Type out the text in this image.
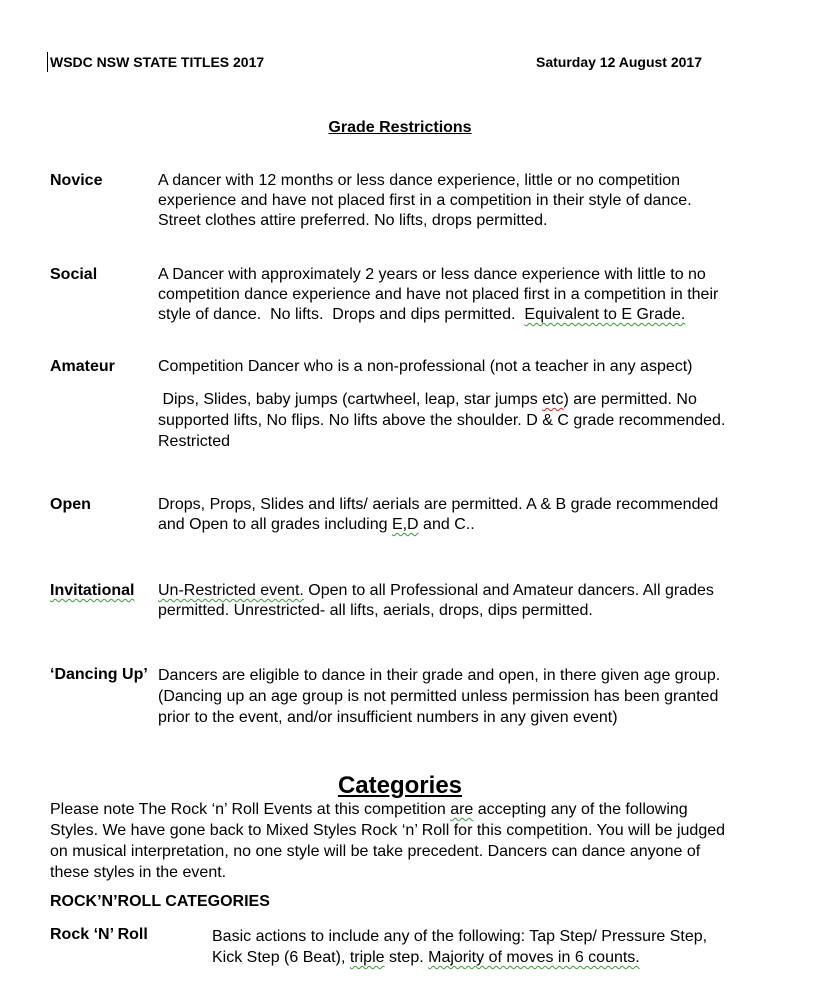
WSDC NSW STATE TITLES 2017	Saturday 12 August 2017
Grade Restrictions
Novice	A dancer with 12 months or less dance experience, little or no competition
experience and have not placed first in a competition in their style of dance.
Street clothes attire preferred. No lifts, drops permitted.
Social	A Dancer with approximately 2 years or less dance experience with little to no
competition dance experience and have not placed first in a competition in their
style of dance.  No lifts.  Drops and dips permitted.  Equivalent to E Grade.
Amateur	Competition Dancer who is a non-professional (not a teacher in any aspect)
Dips, Slides, baby jumps (cartwheel, leap, star jumps etc) are permitted. No
supported lifts, No flips. No lifts above the shoulder. D & C grade recommended.
Restricted
Open	Drops, Props, Slides and lifts/ aerials are permitted. A & B grade recommended
and Open to all grades including E,D and C..
Invitational Un-Restricted event. Open to all Professional and Amateur dancers. All grades
permitted. Unrestricted- all lifts, aerials, drops, dips permitted.
‘Dancing Up’ Dancers are eligible to dance in their grade and open, in there given age group.
(Dancing up an age group is not permitted unless permission has been granted
prior to the event, and/or insufficient numbers in any given event)
Categories
Please note The Rock ‘n’ Roll Events at this competition are accepting any of the following
Styles. We have gone back to Mixed Styles Rock ‘n’ Roll for this competition. You will be judged
on musical interpretation, no one style will be take precedent. Dancers can dance anyone of
these styles in the event.
ROCK’N’ROLL CATEGORIES
Rock ‘N’ Roll	Basic actions to include any of the following: Tap Step/ Pressure Step,
Kick Step (6 Beat), triple step. Majority of moves in 6 counts.
